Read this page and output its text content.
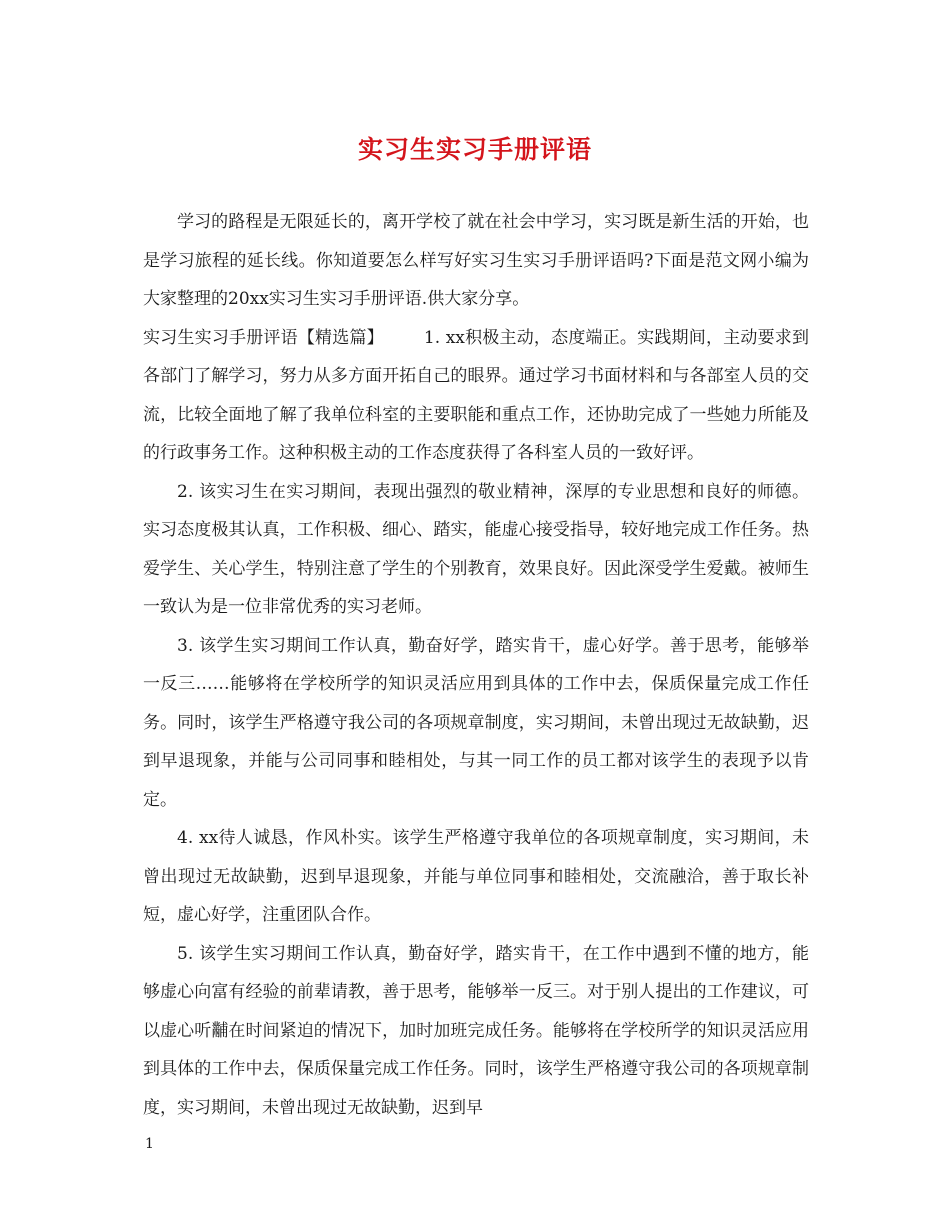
实习生实习手册评语

学习的路程是无限延长的，离开学校了就在社会中学习，实习既是新生活的开始，也是学习旅程的延长线。你知道要怎么样写好实习生实习手册评语吗?下面是范文网小编为大家整理的20xx实习生实习手册评语.供大家分享。

实习生实习手册评语【精选篇】 1. xx积极主动，态度端正。实践期间，主动要求到各部门了解学习，努力从多方面开拓自己的眼界。通过学习书面材料和与各部室人员的交流，比较全面地了解了我单位科室的主要职能和重点工作，还协助完成了一些她力所能及的行政事务工作。这种积极主动的工作态度获得了各科室人员的一致好评。

2. 该实习生在实习期间，表现出强烈的敬业精神，深厚的专业思想和良好的师德。实习态度极其认真，工作积极、细心、踏实，能虚心接受指导，较好地完成工作任务。热爱学生、关心学生，特别注意了学生的个别教育，效果良好。因此深受学生爱戴。被师生一致认为是一位非常优秀的实习老师。

3. 该学生实习期间工作认真，勤奋好学，踏实肯干，虚心好学。善于思考，能够举一反三……能够将在学校所学的知识灵活应用到具体的工作中去，保质保量完成工作任务。同时，该学生严格遵守我公司的各项规章制度，实习期间，未曾出现过无故缺勤，迟到早退现象，并能与公司同事和睦相处，与其一同工作的员工都对该学生的表现予以肯定。

4. xx待人诚恳，作风朴实。该学生严格遵守我单位的各项规章制度，实习期间，未曾出现过无故缺勤，迟到早退现象，并能与单位同事和睦相处，交流融洽，善于取长补短，虚心好学，注重团队合作。

5. 该学生实习期间工作认真，勤奋好学，踏实肯干，在工作中遇到不懂的地方，能够虚心向富有经验的前辈请教，善于思考，能够举一反三。对于别人提出的工作建议，可以虚心听黼在时间紧迫的情况下，加时加班完成任务。能够将在学校所学的知识灵活应用到具体的工作中去，保质保量完成工作任务。同时，该学生严格遵守我公司的各项规章制度，实习期间，未曾出现过无故缺勤，迟到早

1
